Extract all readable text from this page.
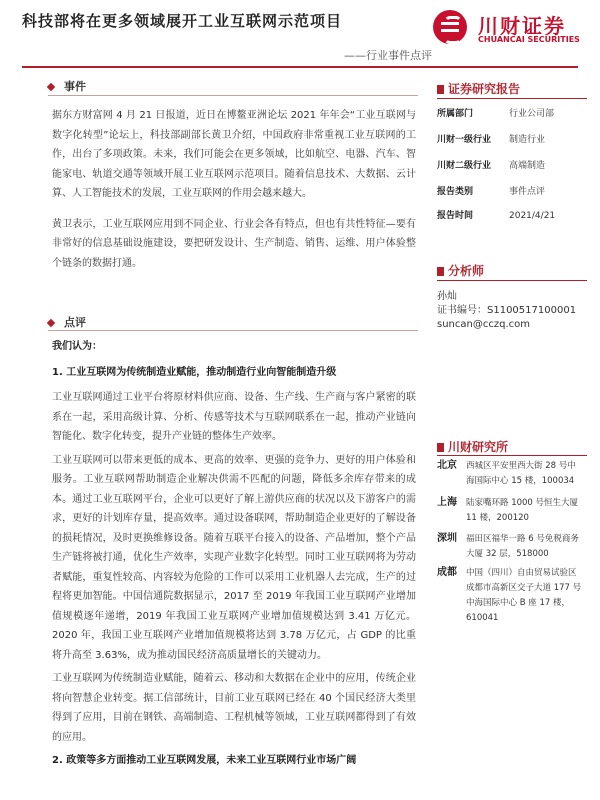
科技部将在更多领域展开工业互联网示范项目
——行业事件点评
川财证券
CHUANCAI SECURITIES
事件

据东方财富网 4 月 21 日报道，近日在博鳌亚洲论坛 2021 年年会“工业互联网与数字化转型”论坛上，科技部副部长黄卫介绍，中国政府非常重视工业互联网的工作，出台了多项政策。未来，我们可能会在更多领域，比如航空、电器、汽车、智能家电、轨道交通等领域开展工业互联网示范项目。随着信息技术、大数据、云计算、人工智能技术的发展，工业互联网的作用会越来越大。

黄卫表示，工业互联网应用到不同企业、行业会各有特点，但也有共性特征—要有非常好的信息基础设施建设，要把研发设计、生产制造、销售、运维、用户体验整个链条的数据打通。

点评

我们认为：

1. 工业互联网为传统制造业赋能，推动制造行业向智能制造升级

工业互联网通过工业平台将原材料供应商、设备、生产线、生产商与客户紧密的联系在一起，采用高级计算、分析、传感等技术与互联网联系在一起，推动产业链向智能化、数字化转变，提升产业链的整体生产效率。

工业互联网可以带来更低的成本、更高的效率、更强的竞争力、更好的用户体验和服务。工业互联网帮助制造企业解决供需不匹配的问题，降低多余库存带来的成本。通过工业互联网平台，企业可以更好了解上游供应商的状况以及下游客户的需求，更好的计划库存量，提高效率。通过设备联网，帮助制造企业更好的了解设备的损耗情况，及时更换维修设备。随着互联平台接入的设备、产品增加，整个产品生产链将被打通，优化生产效率，实现产业数字化转型。同时工业互联网将为劳动者赋能，重复性较高、内容较为危险的工作可以采用工业机器人去完成，生产的过程将更加智能。中国信通院数据显示，2017 至 2019 年我国工业互联网产业增加值规模逐年递增，2019 年我国工业互联网产业增加值规模达到 3.41 万亿元。2020 年，我国工业互联网产业增加值规模将达到 3.78 万亿元，占 GDP 的比重将升高至 3.63%，成为推动国民经济高质量增长的关键动力。

工业互联网为传统制造业赋能，随着云、移动和大数据在企业中的应用，传统企业将向智慧企业转变。据工信部统计，目前工业互联网已经在 40 个国民经济大类里得到了应用，目前在钢铁、高端制造、工程机械等领域，工业互联网都得到了有效的应用。

2. 政策等多方面推动工业互联网发展，未来工业互联网行业市场广阔

证券研究报告
所属部门	行业公司部
川财一级行业 制造行业
川财二级行业 高端制造
报告类别	事件点评
报告时间	2021/4/21
分析师
孙灿
证书编号：S1100517100001
suncan@cczq.com
川财研究所
北京 西城区平安里西大街 28 号中海国际中心 15 楼，100034
上海 陆家嘴环路 1000 号恒生大厦 11 楼，200120
深圳 福田区福华一路 6 号免税商务大厦 32 层，518000
成都 中国（四川）自由贸易试验区成都市高新区交子大道 177 号中海国际中心 B 座 17 楼，610041
